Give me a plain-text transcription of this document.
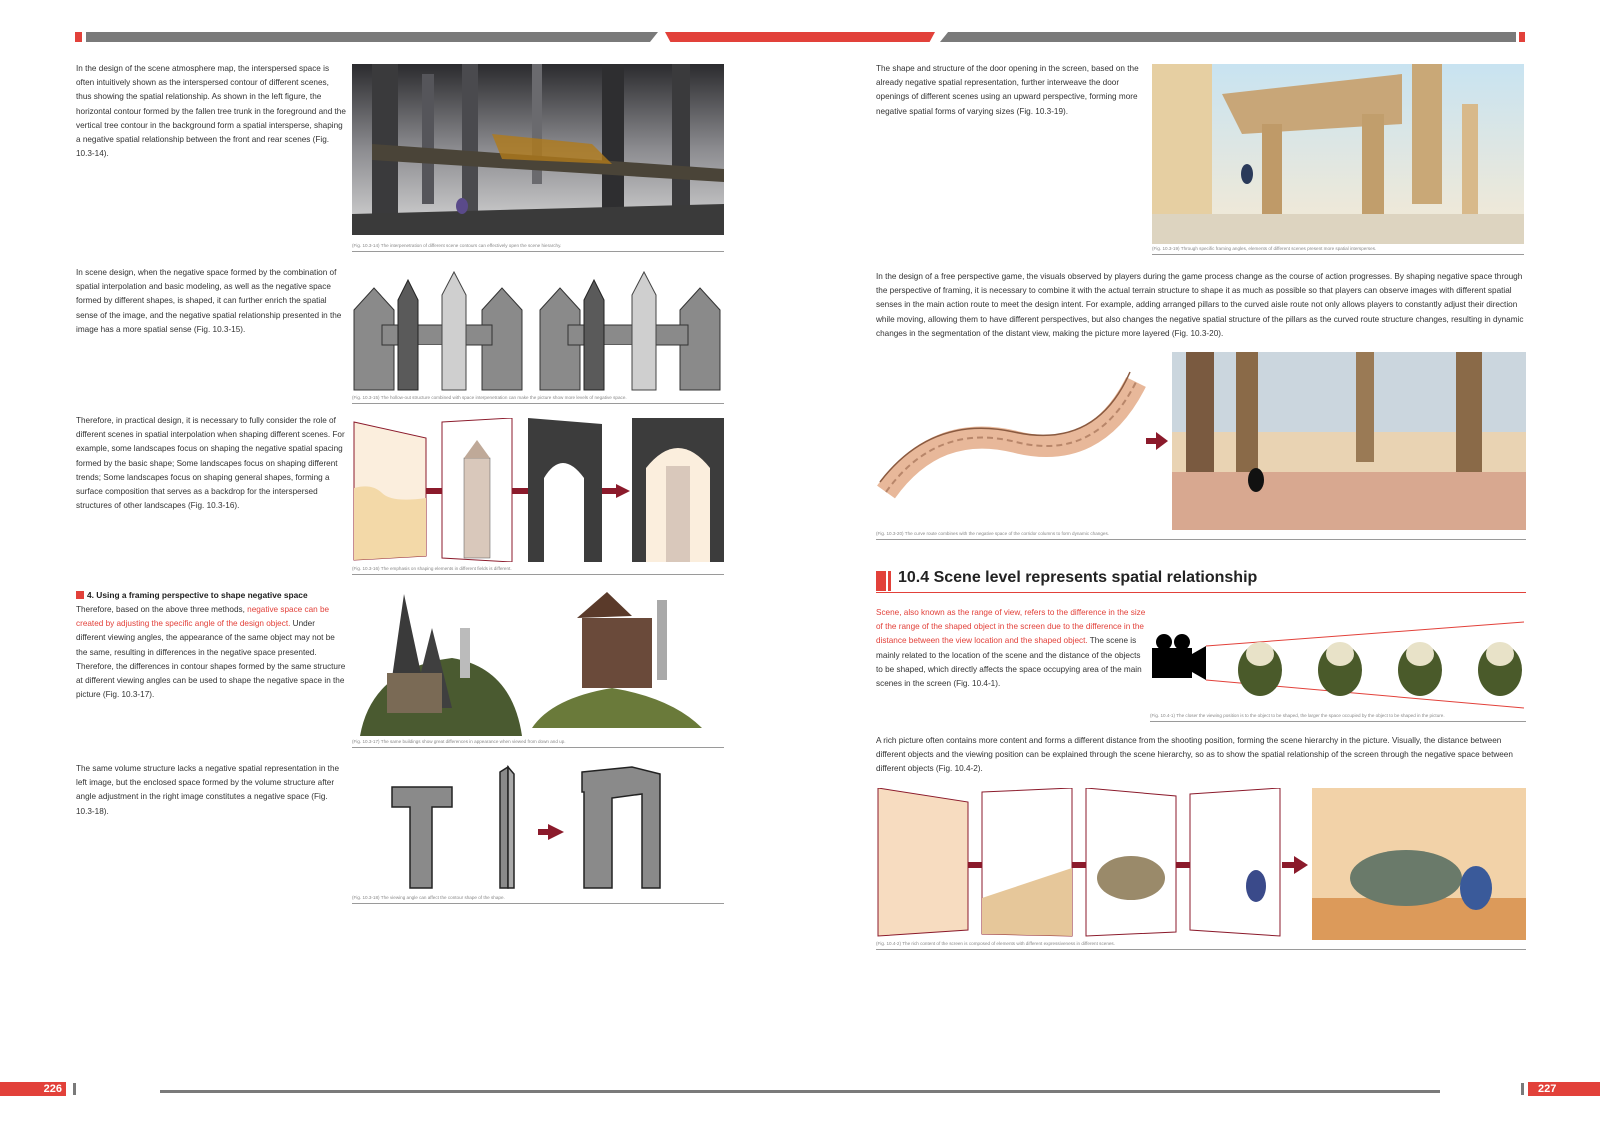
In the design of the scene atmosphere map, the interspersed space is often intuitively shown as the interspersed contour of different scenes, thus showing the spatial relationship. As shown in the left figure, the horizontal contour formed by the fallen tree trunk in the foreground and the vertical tree contour in the background form a spatial intersperse, shaping a negative spatial relationship between the front and rear scenes (Fig. 10.3-14).
(Fig. 10.3-14) The interpenetration of different scene contours can effectively open the scene hierarchy.
In scene design, when the negative space formed by the combination of spatial interpolation and basic modeling, as well as the negative space formed by different shapes, is shaped, it can further enrich the spatial sense of the image, and the negative spatial relationship presented in the image has a more spatial sense (Fig. 10.3-15).
(Fig. 10.3-15) The hollow-out structure combined with space interpenetration can make the picture show more levels of negative space.
Therefore, in practical design, it is necessary to fully consider the role of different scenes in spatial interpolation when shaping different scenes. For example, some landscapes focus on shaping the negative spatial spacing formed by the basic shape; Some landscapes focus on shaping different trends; Some landscapes focus on shaping general shapes, forming a surface composition that serves as a backdrop for the interspersed structures of other landscapes (Fig. 10.3-16).
(Fig. 10.3-16) The emphasis on shaping elements in different fields is different.
4. Using a framing perspective to shape negative space
Therefore, based on the above three methods, negative space can be created by adjusting the specific angle of the design object. Under different viewing angles, the appearance of the same object may not be the same, resulting in differences in the negative space presented. Therefore, the differences in contour shapes formed by the same structure at different viewing angles can be used to shape the negative space in the picture (Fig. 10.3-17).
(Fig. 10.3-17) The same buildings show great differences in appearance when viewed from down and up.
The same volume structure lacks a negative spatial representation in the left image, but the enclosed space formed by the volume structure after angle adjustment in the right image constitutes a negative space (Fig. 10.3-18).
(Fig. 10.3-18) The viewing angle can affect the contour shape of the shape.
The shape and structure of the door opening in the screen, based on the already negative spatial representation, further interweave the door openings of different scenes using an upward perspective, forming more negative spatial forms of varying sizes (Fig. 10.3-19).
(Fig. 10.3-19) Through specific framing angles, elements of different scenes present more spatial intersperses.
In the design of a free perspective game, the visuals observed by players during the game process change as the course of action progresses. By shaping negative space through the perspective of framing, it is necessary to combine it with the actual terrain structure to shape it as much as possible so that players can observe images with different spatial senses in the main action route to meet the design intent. For example, adding arranged pillars to the curved aisle route not only allows players to constantly adjust their direction while moving, allowing them to have different perspectives, but also changes the negative spatial structure of the pillars as the curved route structure changes, resulting in dynamic changes in the segmentation of the distant view, making the picture more layered (Fig. 10.3-20).
(Fig. 10.3-20) The curve route combines with the negative space of the corridor columns to form dynamic changes.
10.4 Scene level represents spatial relationship
Scene, also known as the range of view, refers to the difference in the size of the range of the shaped object in the screen due to the difference in the distance between the view location and the shaped object. The scene is mainly related to the location of the scene and the distance of the objects to be shaped, which directly affects the space occupying area of the main scenes in the screen (Fig. 10.4-1).
(Fig. 10.4-1) The closer the viewing position is to the object to be shaped, the larger the space occupied by the object to be shaped in the picture.
A rich picture often contains more content and forms a different distance from the shooting position, forming the scene hierarchy in the picture. Visually, the distance between different objects and the viewing position can be explained through the scene hierarchy, so as to show the spatial relationship of the screen through the negative space between different objects (Fig. 10.4-2).
(Fig. 10.4-2) The rich content of the screen is composed of elements with different expressiveness in different scenes.
226	227
